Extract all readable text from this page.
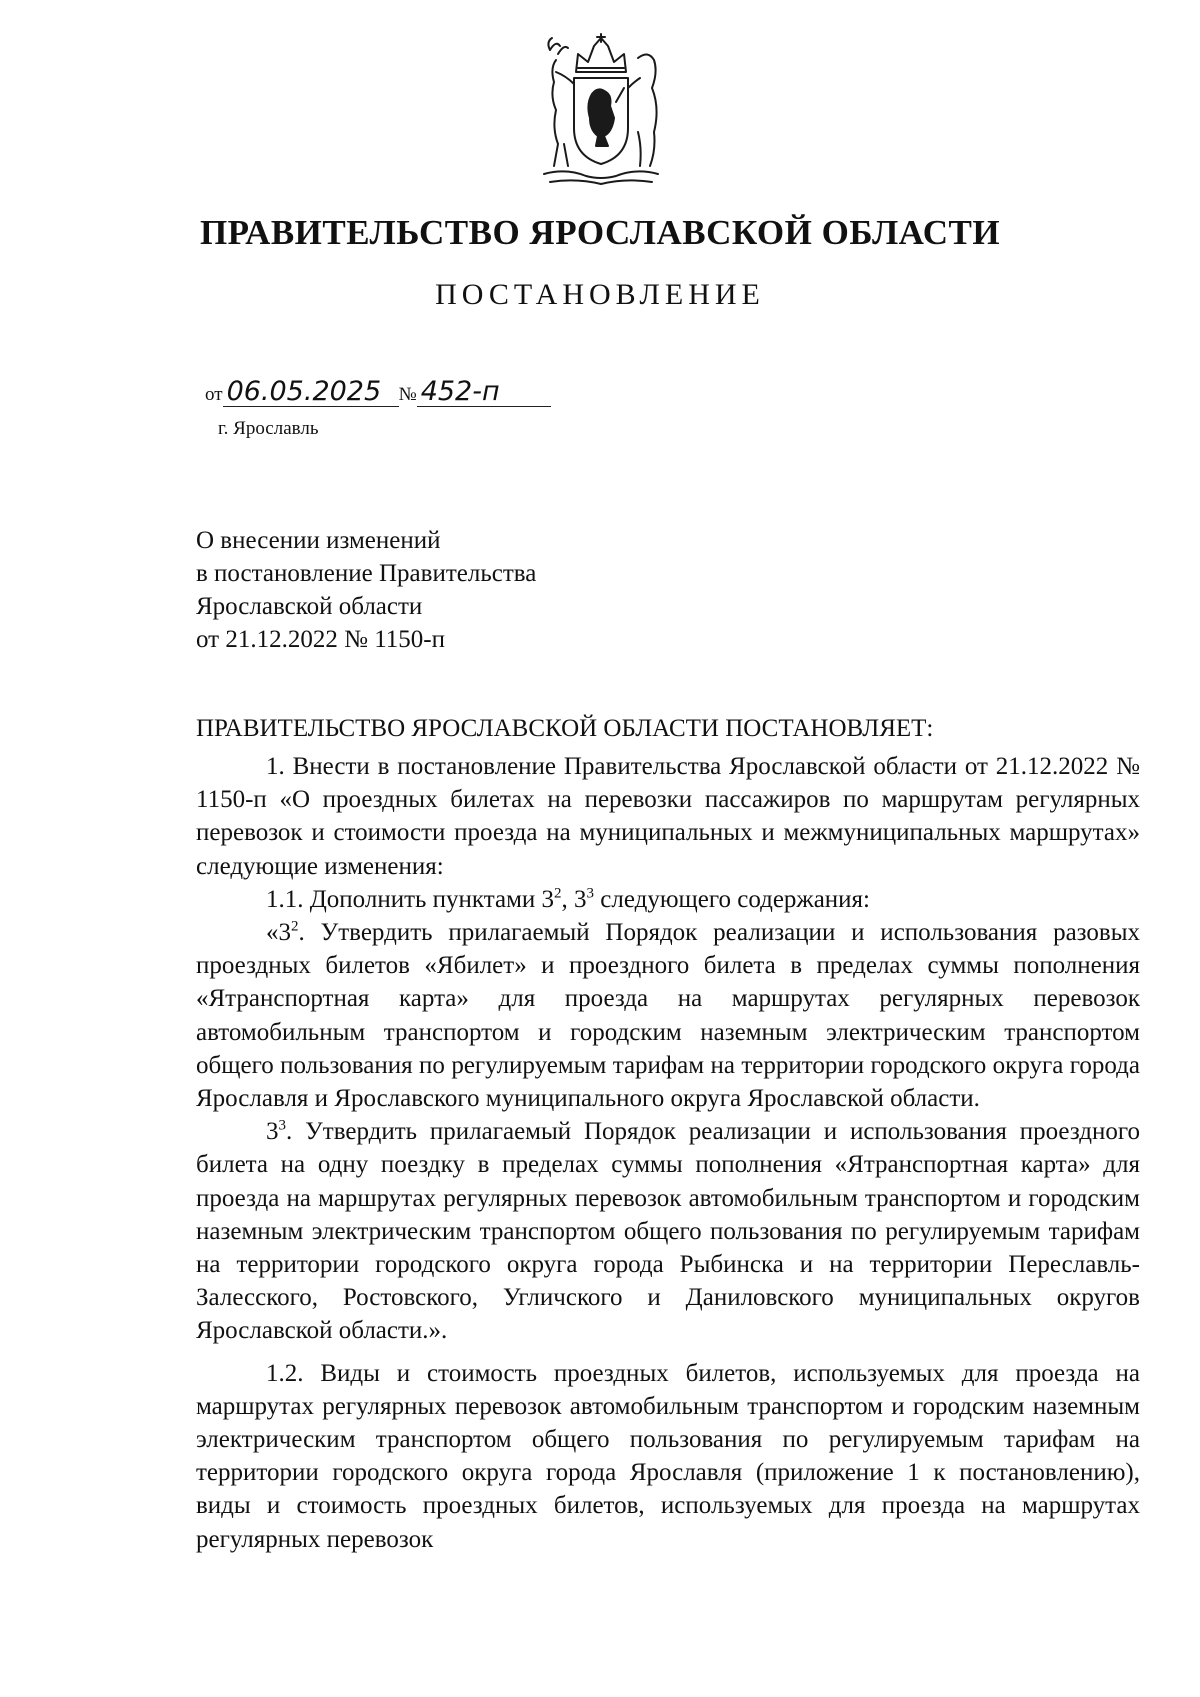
ПРАВИТЕЛЬСТВО ЯРОСЛАВСКОЙ ОБЛАСТИ
ПОСТАНОВЛЕНИЕ
от 06.05.2025 № 452-п
г. Ярославль
О внесении изменений
в постановление Правительства
Ярославской области
от 21.12.2022 № 1150-п
ПРАВИТЕЛЬСТВО ЯРОСЛАВСКОЙ ОБЛАСТИ ПОСТАНОВЛЯЕТ:

1. Внести в постановление Правительства Ярославской области от 21.12.2022 № 1150-п «О проездных билетах на перевозки пассажиров по маршрутам регулярных перевозок и стоимости проезда на муниципальных и межмуниципальных маршрутах» следующие изменения:

1.1. Дополнить пунктами $3^2$, $3^3$ следующего содержания:

«$3^2$. Утвердить прилагаемый Порядок реализации и использования разовых проездных билетов «Ябилет» и проездного билета в пределах суммы пополнения «Ятранспортная карта» для проезда на маршрутах регулярных перевозок автомобильным транспортом и городским наземным электрическим транспортом общего пользования по регулируемым тарифам на территории городского округа города Ярославля и Ярославского муниципального округа Ярославской области.

$3^3$. Утвердить прилагаемый Порядок реализации и использования проездного билета на одну поездку в пределах суммы пополнения «Ятранспортная карта» для проезда на маршрутах регулярных перевозок автомобильным транспортом и городским наземным электрическим транспортом общего пользования по регулируемым тарифам на территории городского округа города Рыбинска и на территории Переславль-Залесского, Ростовского, Угличского и Даниловского муниципальных округов Ярославской области.».

1.2. Виды и стоимость проездных билетов, используемых для проезда на маршрутах регулярных перевозок автомобильным транспортом и городским наземным электрическим транспортом общего пользования по регулируемым тарифам на территории городского округа города Ярославля (приложение 1 к постановлению), виды и стоимость проездных билетов, используемых для проезда на маршрутах регулярных перевозок
